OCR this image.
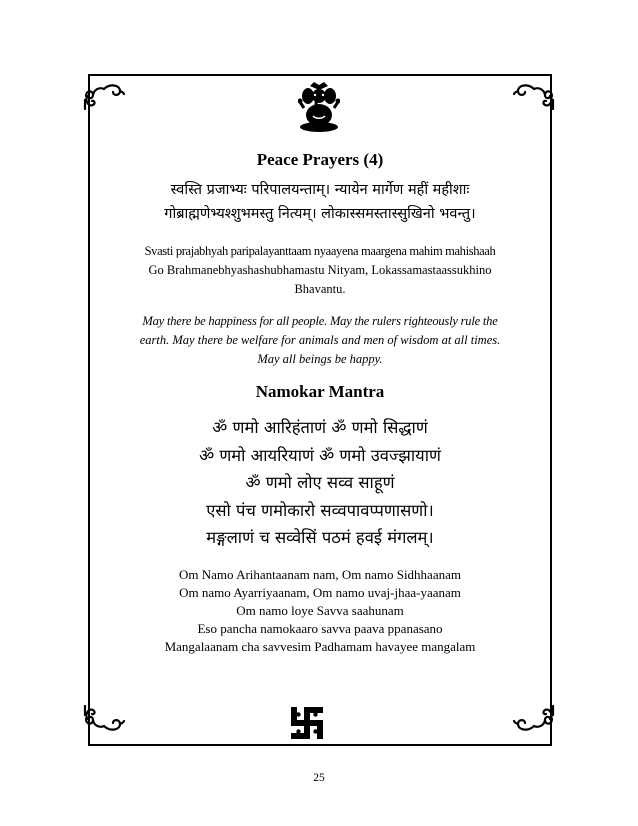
Peace Prayers (4)
स्वस्ति प्रजाभ्यः परिपालयन्ताम्। न्यायेन मार्गेण महीं महीशाः
गोब्राह्मणेभ्यश्शुभमस्तु नित्यम्। लोकास्समस्तास्सुखिनो भवन्तु।
Svasti prajabhyah paripalayanttaam nyaayena maargena mahim mahishaah
Go Brahmanebhyashashubhamastu Nityam, Lokassamastaassukhino
Bhavantu.
May there be happiness for all people. May the rulers righteously rule the
earth. May there be welfare for animals and men of wisdom at all times.
May all beings be happy.
Namokar Mantra
ॐ णमो आरिहंताणं ॐ णमो सिद्धाणं
ॐ णमो आयरियाणं ॐ णमो उवज्झायाणं
ॐ णमो लोए सव्व साहूणं
एसो पंच णमोकारो सव्वपावप्पणासणो।
मङ्गलाणं च सव्वेसिं पठमं हवई मंगलम्।
Om Namo Arihantaanam nam, Om namo Sidhhaanam
Om namo Ayarriyaanam, Om namo uvaj-jhaa-yaanam
Om namo loye Savva saahunam
Eso pancha namokaaro savva paava ppanasano
Mangalaanam cha savvesim Padhamam havayee mangalam
25
